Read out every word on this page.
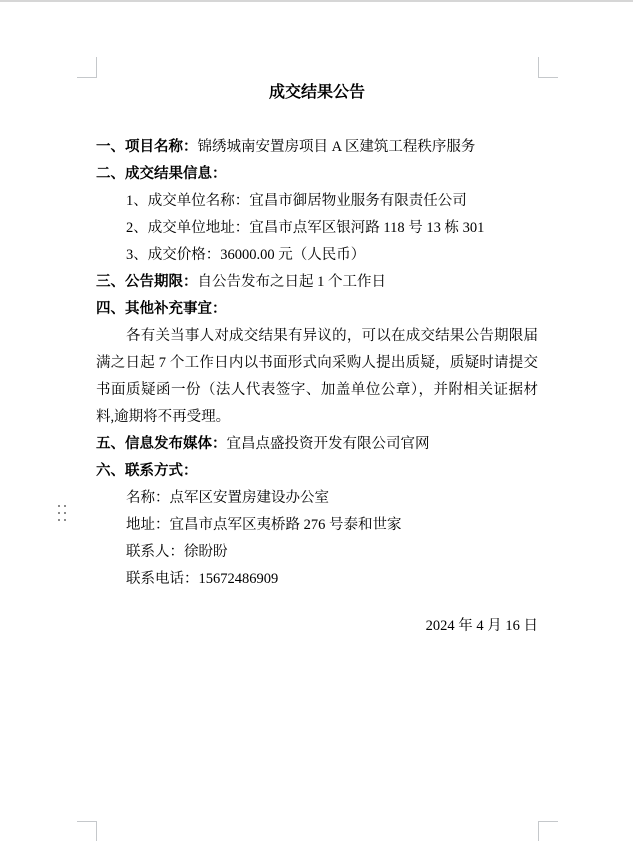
成交结果公告
一、项目名称：锦绣城南安置房项目 A 区建筑工程秩序服务
二、成交结果信息：
1、成交单位名称：宜昌市御居物业服务有限责任公司
2、成交单位地址：宜昌市点军区银河路 118 号 13 栋 301
3、成交价格：36000.00 元（人民币）
三、公告期限：自公告发布之日起 1 个工作日
四、其他补充事宜：
各有关当事人对成交结果有异议的，可以在成交结果公告期限届
满之日起 7 个工作日内以书面形式向采购人提出质疑，质疑时请提交
书面质疑函一份（法人代表签字、加盖单位公章），并附相关证据材
料,逾期将不再受理。
五、信息发布媒体：宜昌点盛投资开发有限公司官网
六、联系方式：
名称：点军区安置房建设办公室
地址：宜昌市点军区夷桥路 276 号泰和世家
联系人：徐盼盼
联系电话：15672486909
2024 年 4 月 16 日
